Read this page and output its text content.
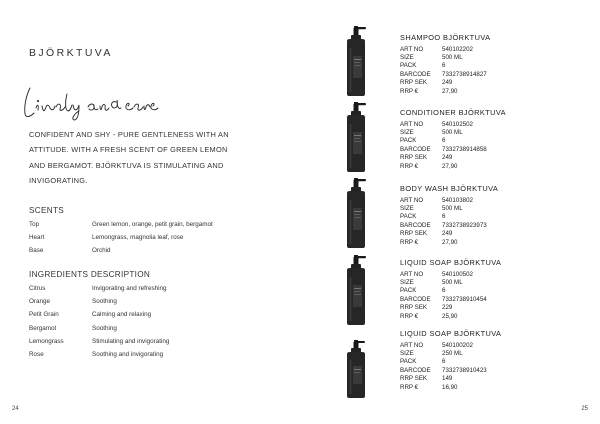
BJÖRKTUVA
CONFIDENT AND SHY - PURE GENTLENESS WITH AN ATTITUDE. WITH A FRESH SCENT OF GREEN LEMON AND BERGAMOT. BJÖRKTUVA IS STIMULATING AND INVIGORATING.
SCENTS
Top	Green lemon, orange, petit grain, bergamot
Heart	Lemongrass, magnolia leaf, rose
Base	Orchid
INGREDIENTS DESCRIPTION
Citrus	Invigorating and refreshing
Orange	Soothing
Petit Grain	Calming and relaxing
Bergamot	Soothing
Lemongrass	Stimulating and invigorating
Rose	Soothing and invigorating
24	25
SHAMPOO BJÖRKTUVA
ART NO	540102202
SIZE	500 ML
PACK	6
BARCODE	7332738914827
RRP SEK	249
RRP €	27,90
CONDITIONER BJÖRKTUVA
ART NO	540102502
SIZE	500 ML
PACK	6
BARCODE	7332738914858
RRP SEK	249
RRP €	27,90
BODY WASH BJÖRKTUVA
ART NO	540103802
SIZE	500 ML
PACK	6
BARCODE	7332738923973
RRP SEK	249
RRP €	27,90
LIQUID SOAP BJÖRKTUVA
ART NO	540100502
SIZE	500 ML
PACK	6
BARCODE	7332738910454
RRP SEK	229
RRP €	25,90
LIQUID SOAP BJÖRKTUVA
ART NO	540100202
SIZE	250 ML
PACK	6
BARCODE	7332738910423
RRP SEK	149
RRP €	16,90
